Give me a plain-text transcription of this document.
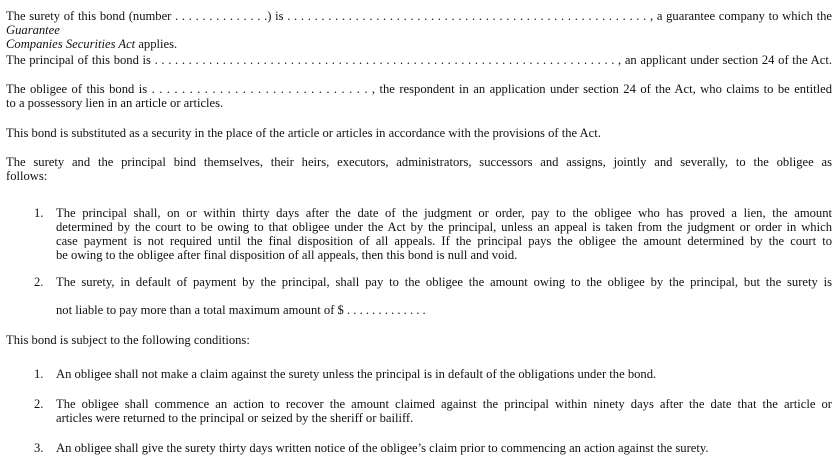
The surety of this bond (number . . . . . . . . . . . . . .) is . . . . . . . . . . . . . . . . . . . . . . . . . . . . . . . . . . . . . . . . . . . . . . . . . . . . . , a guarantee company to which the Guarantee
Companies Securities Act applies.
The principal of this bond is . . . . . . . . . . . . . . . . . . . . . . . . . . . . . . . . . . . . . . . . . . . . . . . . . . . . . . . . . . . . . . . . . . . . , an applicant under section 24 of the Act.
The obligee of this bond is . . . . . . . . . . . . . . . . . . . . . . . . . . . . . , the respondent in an application under section 24 of the Act, who claims to be entitled
to a possessory lien in an article or articles.
This bond is substituted as a security in the place of the article or articles in accordance with the provisions of the Act.
The surety and the principal bind themselves, their heirs, executors, administrators, successors and assigns, jointly and severally, to the obligee as
follows:
1. The principal shall, on or within thirty days after the date of the judgment or order, pay to the obligee who has proved a lien, the amount
determined by the court to be owing to that obligee under the Act by the principal, unless an appeal is taken from the judgment or order in which
case payment is not required until the final disposition of all appeals. If the principal pays the obligee the amount determined by the court to
be owing to the obligee after final disposition of all appeals, then this bond is null and void.
2. The surety, in default of payment by the principal, shall pay to the obligee the amount owing to the obligee by the principal, but the surety is
not liable to pay more than a total maximum amount of $ . . . . . . . . . . . . .
This bond is subject to the following conditions:
1. An obligee shall not make a claim against the surety unless the principal is in default of the obligations under the bond.
2. The obligee shall commence an action to recover the amount claimed against the principal within ninety days after the date that the article or
articles were returned to the principal or seized by the sheriff or bailiff.
3. An obligee shall give the surety thirty days written notice of the obligee’s claim prior to commencing an action against the surety.
